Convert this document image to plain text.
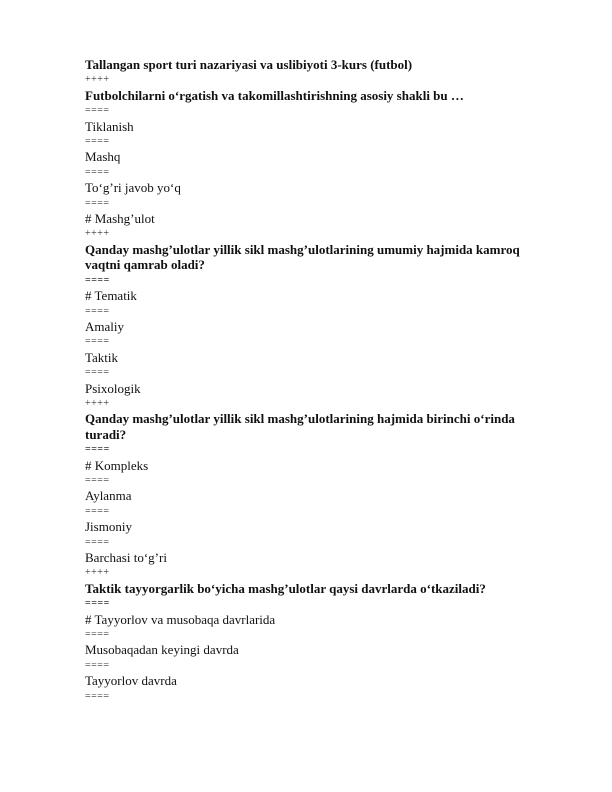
Tallangan sport turi nazariyasi va uslibiyoti 3-kurs (futbol)

++++

Futbolchilarni o‘rgatish va takomillashtirishning asosiy shakli bu …

====

Tiklanish

====

Mashq

====

To‘g’ri javob yo‘q

====

# Mashg’ulot

++++

Qanday mashg’ulotlar yillik sikl mashg’ulotlarining umumiy hajmida kamroq vaqtni qamrab oladi?

====

# Tematik

====

Amaliy

====

Taktik

====

Psixologik

++++

Qanday mashg’ulotlar yillik sikl mashg’ulotlarining hajmida birinchi o‘rinda turadi?

====

# Kompleks

====

Aylanma

====

Jismoniy

====

Barchasi to‘g’ri

++++

Taktik tayyorgarlik bo‘yicha mashg’ulotlar qaysi davrlarda o‘tkaziladi?

====

# Tayyorlov va musobaqa davrlarida

====

Musobaqadan keyingi davrda

====

Tayyorlov davrda

====
